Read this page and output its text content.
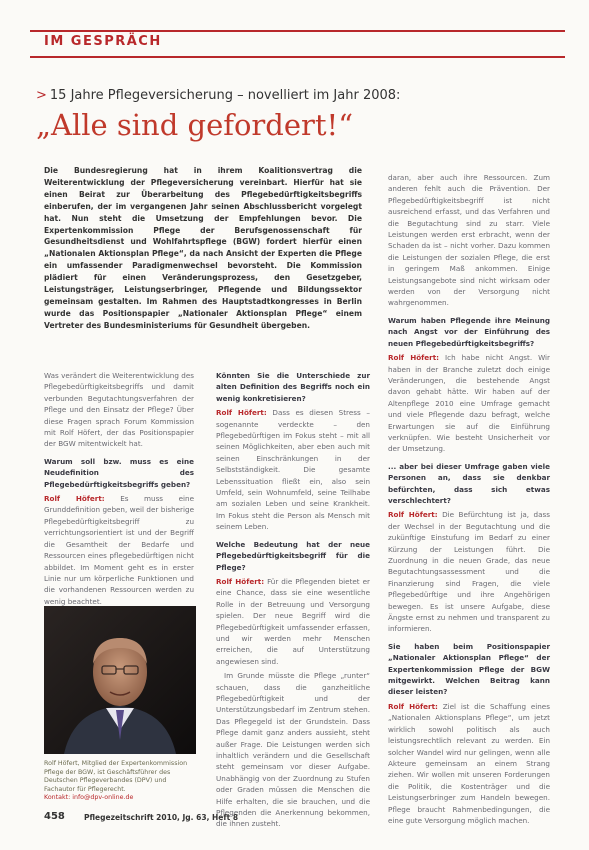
IM GESPRÄCH
> 15 Jahre Pflegeversicherung – novelliert im Jahr 2008:
„Alle sind gefordert!“
Die Bundesregierung hat in ihrem Koalitionsvertrag die Weiterentwicklung der Pflegeversicherung vereinbart. Hierfür hat sie einen Beirat zur Überarbeitung des Pflegebedürftigkeitsbegriffs einberufen, der im vergangenen Jahr seinen Abschlussbericht vorgelegt hat. Nun steht die Umsetzung der Empfehlungen bevor. Die Expertenkommission Pflege der Berufsgenossenschaft für Gesundheitsdienst und Wohlfahrtspflege (BGW) fordert hierfür einen „Nationalen Aktionsplan Pflege“, da nach Ansicht der Experten die Pflege ein umfassender Paradigmenwechsel bevorsteht. Die Kommission plädiert für einen Veränderungsprozess, den Gesetzgeber, Leistungsträger, Leistungserbringer, Pflegende und Bildungssektor gemeinsam gestalten. Im Rahmen des Hauptstadtkongresses in Berlin wurde das Positionspapier „Nationaler Aktionsplan Pflege“ einem Vertreter des Bundesministeriums für Gesundheit übergeben.

Was verändert die Weiterentwicklung des Pflegebedürftigkeitsbegriffs und damit verbunden Begutachtungsverfahren der Pflege und den Einsatz der Pflege? Über diese Fragen sprach Forum Kommission mit Rolf Höfert, der das Positionspapier der BGW mitentwickelt hat.

Warum soll bzw. muss es eine Neudefinition des Pflegebedürftigkeitsbegriffs geben?

Rolf Höfert: Es muss eine Grunddefinition geben, weil der bisherige Pflegebedürftigkeitsbegriff zu verrichtungsorientiert ist und der Begriff die Gesamtheit der Bedarfe und Ressourcen eines pflegebedürftigen nicht abbildet. Im Moment geht es in erster Linie nur um körperliche Funktionen und die vorhandenen Ressourcen werden zu wenig beachtet.

Rolf Höfert, Mitglied der Expertenkommission Pflege der BGW, ist Geschäftsführer des Deutschen Pflegeverbandes (DPV) und Fachautor für Pflegerecht.
Kontakt: info@dpv-online.de

Könnten Sie die Unterschiede zur alten Definition des Begriffs noch ein wenig konkretisieren?

Rolf Höfert: Dass es diesen Stress – sogenannte verdeckte – den Pflegebedürftigen im Fokus steht – mit all seinen Möglichkeiten, aber eben auch mit seinen Einschränkungen in der Selbstständigkeit. Die gesamte Lebenssituation fließt ein, also sein Umfeld, sein Wohnumfeld, seine Teilhabe am sozialen Leben und seine Krankheit. Im Fokus steht die Person als Mensch mit seinem Leben.

Welche Bedeutung hat der neue Pflegebedürftigkeitsbegriff für die Pflege?

Rolf Höfert: Für die Pflegenden bietet er eine Chance, dass sie eine wesentliche Rolle in der Betreuung und Versorgung spielen. Der neue Begriff wird die Pflegebedürftigkeit umfassender erfassen, und wir werden mehr Menschen erreichen, die auf Unterstützung angewiesen sind.

Im Grunde müsste die Pflege „runter“ schauen, dass die ganzheitliche Pflegebedürftigkeit und der Unterstützungsbedarf im Zentrum stehen. Das Pflegegeld ist der Grundstein. Dass Pflege damit ganz anders aussieht, steht außer Frage. Die Leistungen werden sich inhaltlich verändern und die Gesellschaft steht gemeinsam vor dieser Aufgabe. Unabhängig von der Zuordnung zu Stufen oder Graden müssen die Menschen die Hilfe erhalten, die sie brauchen, und die Pflegenden die Anerkennung bekommen, die ihnen zusteht.

daran, aber auch ihre Ressourcen. Zum anderen fehlt auch die Prävention. Der Pflegebedürftigkeitsbegriff ist nicht ausreichend erfasst, und das Verfahren und die Begutachtung sind zu starr. Viele Leistungen werden erst erbracht, wenn der Schaden da ist – nicht vorher. Dazu kommen die Leistungen der sozialen Pflege, die erst in geringem Maß ankommen. Einige Leistungsangebote sind nicht wirksam oder werden von der Versorgung nicht wahrgenommen.

Warum haben Pflegende ihre Meinung nach Angst vor der Einführung des neuen Pflegebedürftigkeitsbegriffs?

Rolf Höfert: Ich habe nicht Angst. Wir haben in der Branche zuletzt doch einige Veränderungen, die bestehende Angst davon gehabt hätte. Wir haben auf der Altenpflege 2010 eine Umfrage gemacht und viele Pflegende dazu befragt, welche Erwartungen sie auf die Einführung verknüpfen. Wie besteht Unsicherheit vor der Umsetzung.

... aber bei dieser Umfrage gaben viele Personen an, dass sie denkbar befürchten, dass sich etwas verschlechtert?

Rolf Höfert: Die Befürchtung ist ja, dass der Wechsel in der Begutachtung und die zukünftige Einstufung im Bedarf zu einer Kürzung der Leistungen führt. Die Zuordnung in die neuen Grade, das neue Begutachtungsassessment und die Finanzierung sind Fragen, die viele Pflegebedürftige und ihre Angehörigen bewegen. Es ist unsere Aufgabe, diese Ängste ernst zu nehmen und transparent zu informieren.

Sie haben beim Positionspapier „Nationaler Aktionsplan Pflege“ der Expertenkommission Pflege der BGW mitgewirkt. Welchen Beitrag kann dieser leisten?

Rolf Höfert: Ziel ist die Schaffung eines „Nationalen Aktionsplans Pflege“, um jetzt wirklich sowohl politisch als auch leistungsrechtlich relevant zu werden. Ein solcher Wandel wird nur gelingen, wenn alle Akteure gemeinsam an einem Strang ziehen. Wir wollen mit unseren Forderungen die Politik, die Kostenträger und die Leistungserbringer zum Handeln bewegen. Pflege braucht Rahmenbedingungen, die eine gute Versorgung möglich machen.

458	Pflegezeitschrift 2010, Jg. 63, Heft 8
